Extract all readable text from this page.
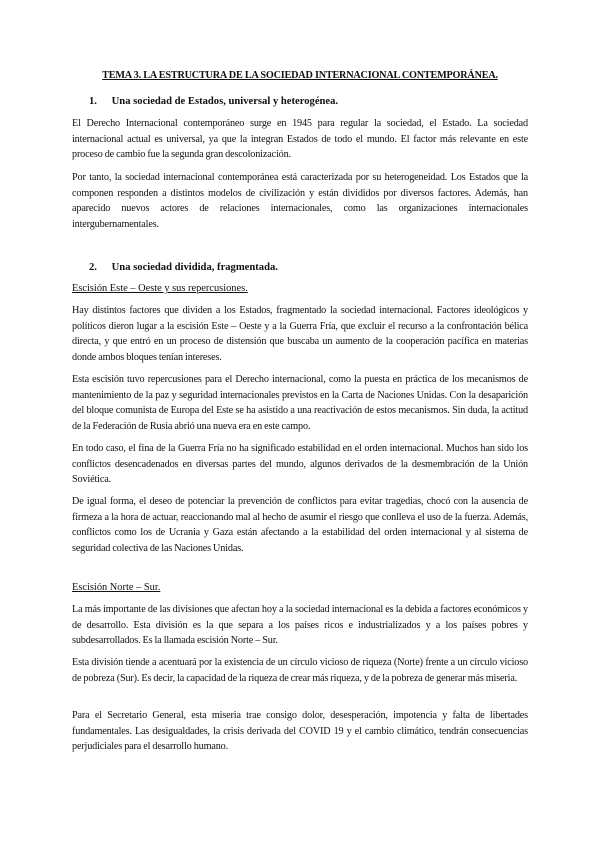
TEMA 3. LA ESTRUCTURA DE LA SOCIEDAD INTERNACIONAL CONTEMPORÁNEA.

1. Una sociedad de Estados, universal y heterogénea.

El Derecho Internacional contemporáneo surge en 1945 para regular la sociedad, el Estado. La sociedad internacional actual es universal, ya que la integran Estados de todo el mundo. El factor más relevante en este proceso de cambio fue la segunda gran descolonización.

Por tanto, la sociedad internacional contemporánea está caracterizada por su heterogeneidad. Los Estados que la componen responden a distintos modelos de civilización y están divididos por diversos factores. Además, han aparecido nuevos actores de relaciones internacionales, como las organizaciones internacionales intergubernamentales.

2. Una sociedad dividida, fragmentada.

Escisión Este – Oeste y sus repercusiones.

Hay distintos factores que dividen a los Estados, fragmentado la sociedad internacional. Factores ideológicos y políticos dieron lugar a la escisión Este – Oeste y a la Guerra Fría, que excluir el recurso a la confrontación bélica directa, y que entró en un proceso de distensión que buscaba un aumento de la cooperación pacífica en materias donde ambos bloques tenían intereses.

Esta escisión tuvo repercusiones para el Derecho internacional, como la puesta en práctica de los mecanismos de mantenimiento de la paz y seguridad internacionales previstos en la Carta de Naciones Unidas. Con la desaparición del bloque comunista de Europa del Este se ha asistido a una reactivación de estos mecanismos. Sin duda, la actitud de la Federación de Rusia abrió una nueva era en este campo.

En todo caso, el fina de la Guerra Fría no ha significado estabilidad en el orden internacional. Muchos han sido los conflictos desencadenados en diversas partes del mundo, algunos derivados de la desmembración de la Unión Soviética.

De igual forma, el deseo de potenciar la prevención de conflictos para evitar tragedias, chocó con la ausencia de firmeza a la hora de actuar, reaccionando mal al hecho de asumir el riesgo que conlleva el uso de la fuerza. Además, conflictos como los de Ucrania y Gaza están afectando a la estabilidad del orden internacional y al sistema de seguridad colectiva de las Naciones Unidas.

Escisión Norte – Sur.

La más importante de las divisiones que afectan hoy a la sociedad internacional es la debida a factores económicos y de desarrollo. Esta división es la que separa a los países ricos e industrializados y a los países pobres y subdesarrollados. Es la llamada escisión Norte – Sur.

Esta división tiende a acentuará por la existencia de un círculo vicioso de riqueza (Norte) frente a un círculo vicioso de pobreza (Sur). Es decir, la capacidad de la riqueza de crear más riqueza, y de la pobreza de generar más miseria.

Para el Secretario General, esta miseria trae consigo dolor, desesperación, impotencia y falta de libertades fundamentales. Las desigualdades, la crisis derivada del COVID 19 y el cambio climático, tendrán consecuencias perjudiciales para el desarrollo humano.
